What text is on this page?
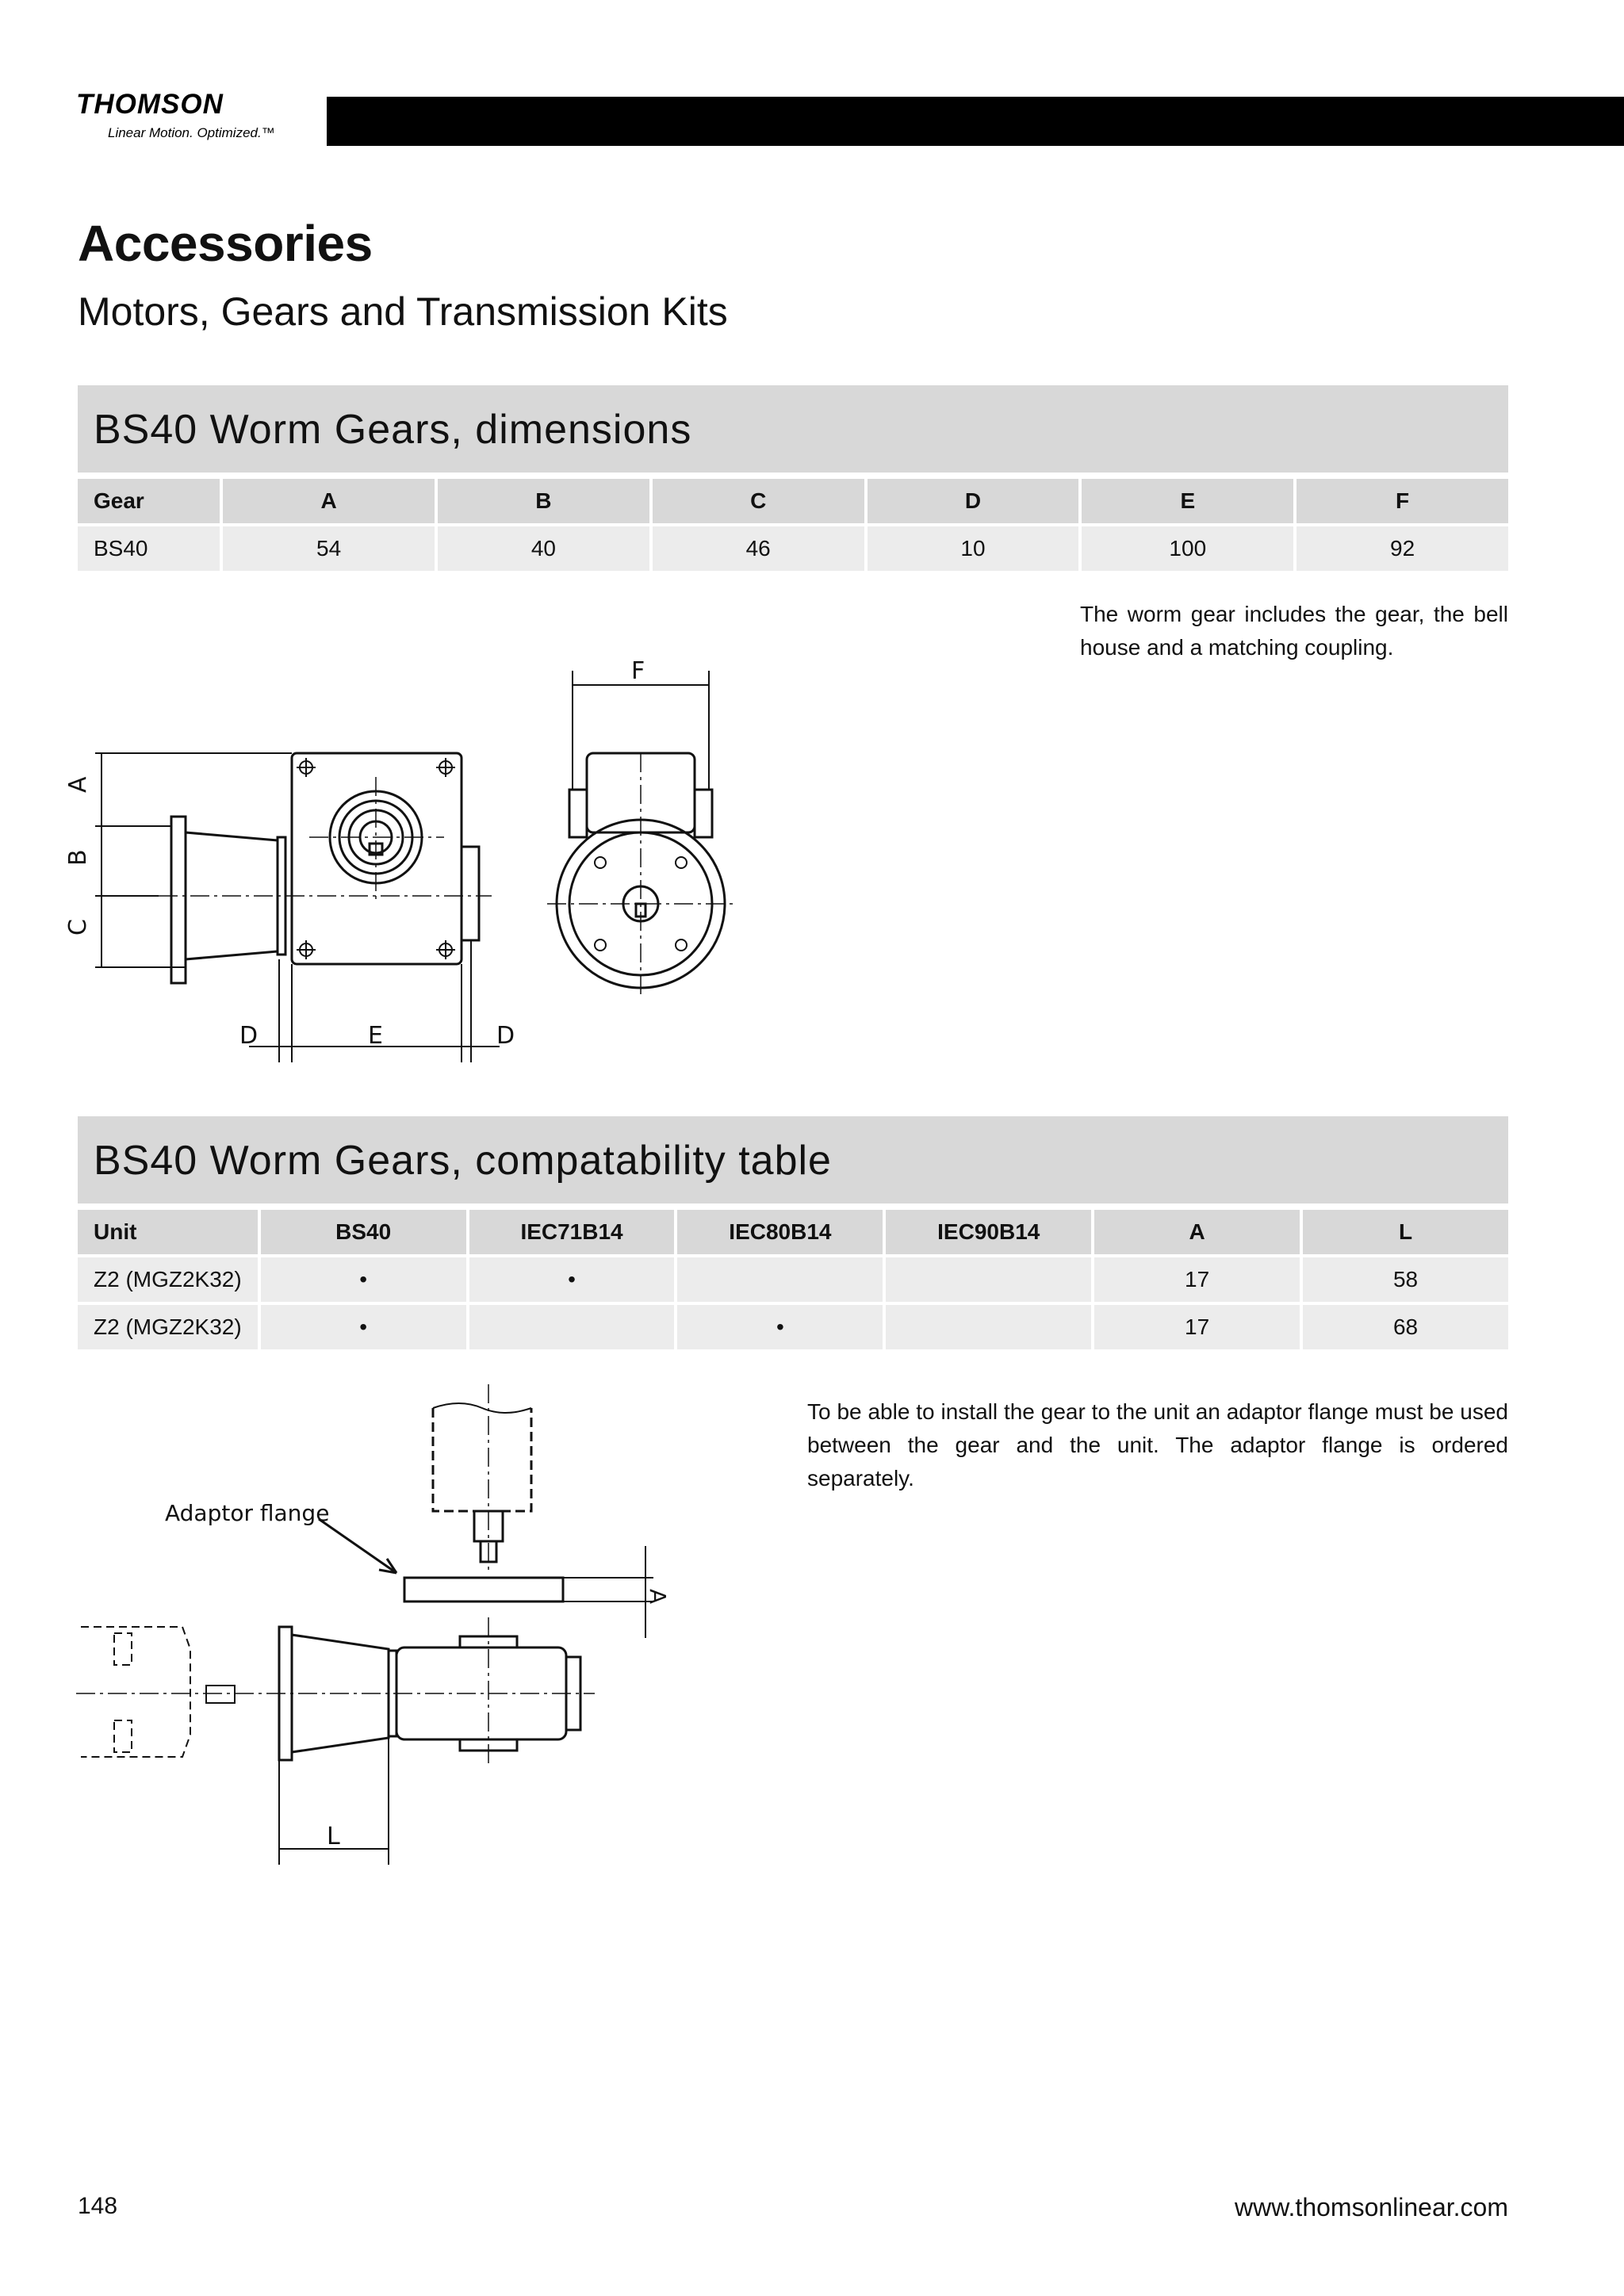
THOMSON
Linear Motion. Optimized.™
Accessories
Motors, Gears and Transmission Kits
BS40 Worm Gears, dimensions
Gear	A	B	C	D	E	F
BS40	54	40	46	10	100	92
The worm gear includes the gear, the bell house and a matching coupling.
A
B
C
D	E	D
F
BS40 Worm Gears, compatability table
Unit	BS40	IEC71B14	IEC80B14	IEC90B14	A	L
Z2 (MGZ2K32)	•	•			17	58
Z2 (MGZ2K32)	•		•		17	68
To be able to install the gear to the unit an adaptor flange must be used between the gear and the unit. The adaptor flange is ordered separately.
Adaptor flange
A
L
148	www.thomsonlinear.com
